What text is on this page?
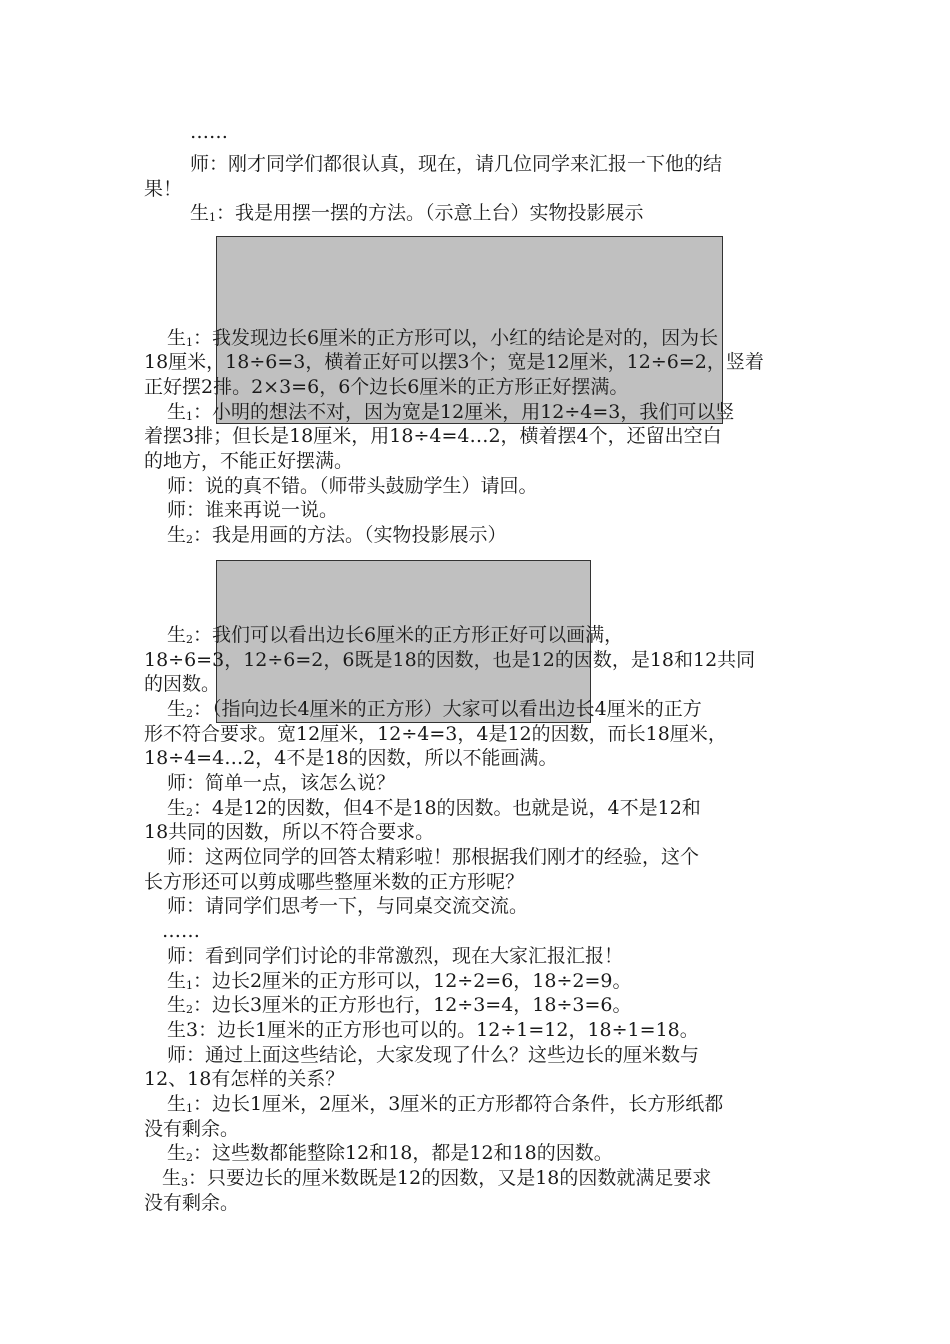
……
师：刚才同学们都很认真，现在，请几位同学来汇报一下他的结
果！
生$_1$：我是用摆一摆的方法。（示意上台）实物投影展示
生$_1$：我发现边长6厘米的正方形可以，小红的结论是对的，因为长
18厘米，18÷6=3，横着正好可以摆3个；宽是12厘米，12÷6=2，竖着
正好摆2排。2×3=6，6个边长6厘米的正方形正好摆满。
生$_1$：小明的想法不对，因为宽是12厘米，用12÷4=3，我们可以竖
着摆3排；但长是18厘米，用18÷4=4…2，横着摆4个，还留出空白
的地方，不能正好摆满。
师：说的真不错。（师带头鼓励学生）请回。
师：谁来再说一说。
生$_2$：我是用画的方法。（实物投影展示）
生$_2$：我们可以看出边长6厘米的正方形正好可以画满，
18÷6=3，12÷6=2，6既是18的因数，也是12的因数，是18和12共同
的因数。
生$_2$：（指向边长4厘米的正方形）大家可以看出边长4厘米的正方
形不符合要求。宽12厘米，12÷4=3，4是12的因数，而长18厘米，
18÷4=4…2，4不是18的因数，所以不能画满。
师：简单一点，该怎么说？
生$_2$：4是12的因数，但4不是18的因数。也就是说，4不是12和
18共同的因数，所以不符合要求。
师：这两位同学的回答太精彩啦！那根据我们刚才的经验，这个
长方形还可以剪成哪些整厘米数的正方形呢？
师：请同学们思考一下，与同桌交流交流。
……
师：看到同学们讨论的非常激烈，现在大家汇报汇报！
生$_1$：边长2厘米的正方形可以，12÷2=6，18÷2=9。
生$_2$：边长3厘米的正方形也行，12÷3=4，18÷3=6。
生3：边长1厘米的正方形也可以的。12÷1=12，18÷1=18。
师：通过上面这些结论，大家发现了什么？这些边长的厘米数与
12、18有怎样的关系？
生$_1$：边长1厘米，2厘米，3厘米的正方形都符合条件，长方形纸都
没有剩余。
生$_2$：这些数都能整除12和18，都是12和18的因数。
生$_3$：只要边长的厘米数既是12的因数，又是18的因数就满足要求
没有剩余。
